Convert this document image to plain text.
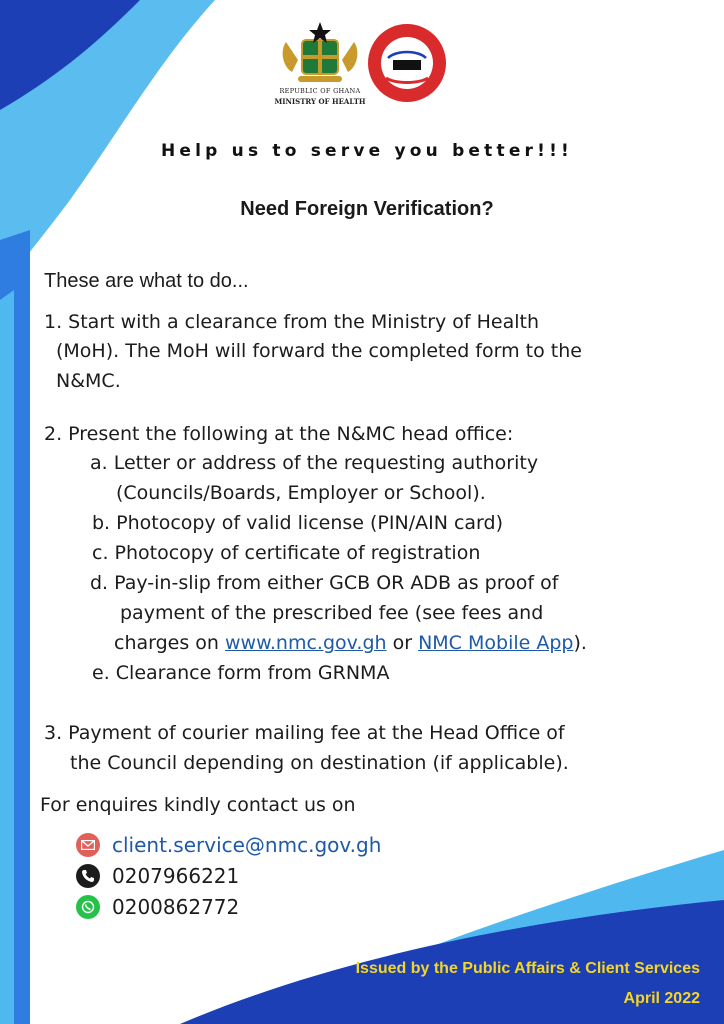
REPUBLIC OF GHANA
MINISTRY OF HEALTH
Help us to serve you better!!!
Need Foreign Verification?
These are what to do...
1. Start with a clearance from the Ministry of Health
(MoH). The MoH will forward the completed form to the
N&MC.
2. Present the following at the N&MC head office:
a. Letter or address of the requesting authority
(Councils/Boards, Employer or School).
b. Photocopy of valid license (PIN/AIN card)
c. Photocopy of certificate of registration
d. Pay-in-slip from either GCB OR ADB as proof of
payment of the prescribed fee (see fees and
charges on www.nmc.gov.gh or NMC Mobile App).
e. Clearance form from GRNMA
3. Payment of courier mailing fee at the Head Office of
the Council depending on destination (if applicable).
For enquires kindly contact us on
client.service@nmc.gov.gh
0207966221
0200862772
Issued by the Public Affairs & Client Services
April 2022
